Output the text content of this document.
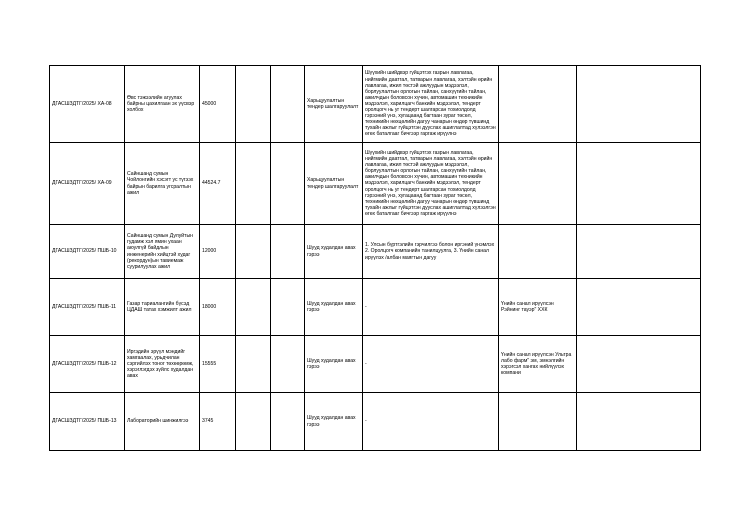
ДГАСШЗДТГ/2025/ ХА-08	Өвс тэжээлийн агуулах байрны цахилгаан эх үүсвэр холбох	45000			Харьцуулалтын тендер шалгаруулалт	Шүүхийн шийдвэр гүйцэтгэх газрын лавлагаа, нийгмийн даатгал, татварын лавлагаа, хэлтэйн өрийн лавлагаа, ижил төстэй ажлуудын мэдээлэл, борлуулалтын орлогын тайлан, санхүүгийн тайлан, ажилчдын боловсон хүчин, автомашин техникийн мэдээлэл, харилцагч банкийн мэдээлэл, тендерт оролцогч нь уг тендерт шалгарсан тохиолдолд гэрээний үнэ, хугацаанд багтаан зураг төсөл, техникийн нөхцөлийн дагуу чанарын өндөр түвшинд тухайн ажлыг гүйцэтгэн дууслах ашиглалтад хүлээлгэн өгөх баталгааг бичгээр гаргаж ирүүлнэ		
ДГАСШЗДТГ/2025/ ХА-09	Сайншанд сумын Чойлонгийн хэсэгт ус түгээх байрын барилга угсралтын ажил	44524.7			Харьцуулалтын тендер шалгаруулалт	Шүүхийн шийдвэр гүйцэтгэх газрын лавлагаа, нийгмийн даатгал, татварын лавлагаа, хэлтэйн өрийн лавлагаа, ижил төстэй ажлуудын мэдээлэл, борлуулалтын орлогын тайлан, санхүүгийн тайлан, ажилчдын боловсон хүчин, автомашин техникийн мэдээлэл, харилцагч банкийн мэдээлэл, тендерт оролцогч нь уг тендерт шалгарсан тохиолдолд гэрээний үнэ, хугацаанд багтаан зураг төсөл, техникийн нөхцөлийн дагуу чанарын өндөр түвшинд тухайн ажлыг гүйцэтгэн дууслах ашиглалтад хүлээлгэн өгөх баталгааг бичгээр гаргаж ирүүлнэ		
ДГАСШЗДТГ/2025/ ПШБ-10	Сайншанд сумын Дулуйтын гудамж хэл ямин ухаан аюулгүй байдлын инженерийн хийцтэй худаг (рекордун)ын тавиемаж суурилуулах ажил	12000			Шууд худалдан авах гэрээ	1. Улсын бүртгэлийн гэрчилгээ болон иргэний үнэмлэх 2. Оролцогч компанийн танилцуулга, 3. Үнийн санал ирүүлэх /албан маягтын дагуу		
ДГАСШЗДТГ/2025/ ПШБ-11	Газар тариалангийн бүсэд ЦДАШ татах хэмжилт ажил	18000			Шууд худалдан авах гэрээ	-	Үнийн санал ирүүлсэн Рэйнинг тауэр" ХХК	
ДГАСШЗДТГ/2025/ ПШБ-12	Иргэдийн эрүүл мэндийг хамгаалах, урьдчилан сэргийлэх тоног төхөөрөмж, хэрэглэгдэх зүйлс худалдан авах	15555			Шууд худалдан авах гэрээ	-	Үнийн санал ирүүлсэн Ультра лабо фарм" эм, эмнэлгийн хэрэгсэл хангах нийлүүлэх компани	
ДГАСШЗДТГ/2025/ ПШБ-13	Лабораторийн шинжилгээ	3745			Шууд худалдан авах гэрээ	-		
